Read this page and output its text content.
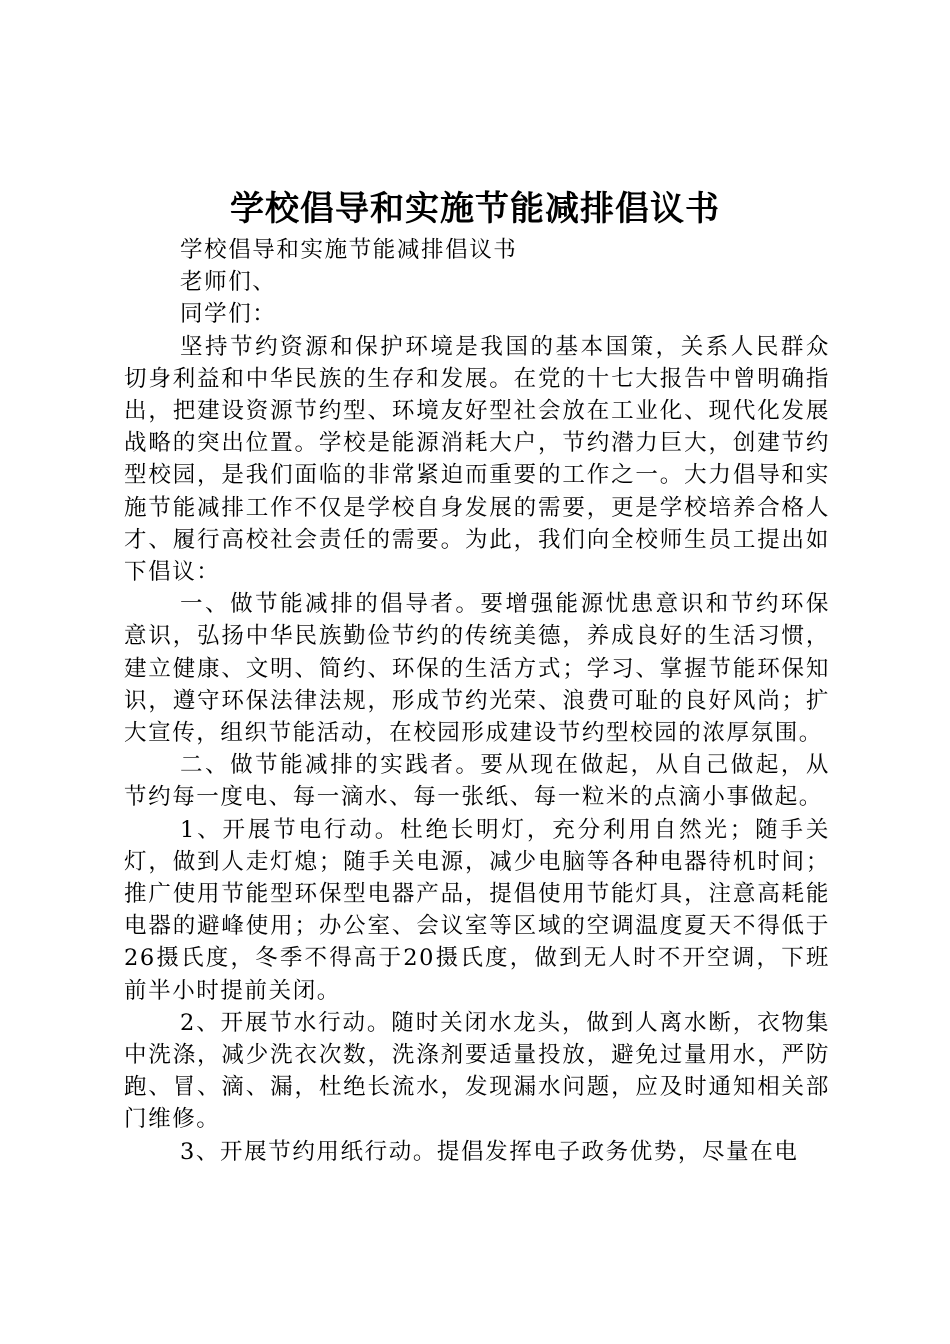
学校倡导和实施节能减排倡议书

学校倡导和实施节能减排倡议书

老师们、

同学们：

坚持节约资源和保护环境是我国的基本国策，关系人民群众切身利益和中华民族的生存和发展。在党的十七大报告中曾明确指出，把建设资源节约型、环境友好型社会放在工业化、现代化发展战略的突出位置。学校是能源消耗大户，节约潜力巨大，创建节约型校园，是我们面临的非常紧迫而重要的工作之一。大力倡导和实施节能减排工作不仅是学校自身发展的需要，更是学校培养合格人才、履行高校社会责任的需要。为此，我们向全校师生员工提出如下倡议：

一、做节能减排的倡导者。要增强能源忧患意识和节约环保意识，弘扬中华民族勤俭节约的传统美德，养成良好的生活习惯，建立健康、文明、简约、环保的生活方式；学习、掌握节能环保知识，遵守环保法律法规，形成节约光荣、浪费可耻的良好风尚；扩大宣传，组织节能活动，在校园形成建设节约型校园的浓厚氛围。

二、做节能减排的实践者。要从现在做起，从自己做起，从节约每一度电、每一滴水、每一张纸、每一粒米的点滴小事做起。

1、开展节电行动。杜绝长明灯，充分利用自然光；随手关灯，做到人走灯熄；随手关电源，减少电脑等各种电器待机时间；推广使用节能型环保型电器产品，提倡使用节能灯具，注意高耗能电器的避峰使用；办公室、会议室等区域的空调温度夏天不得低于26摄氏度，冬季不得高于20摄氏度，做到无人时不开空调，下班前半小时提前关闭。

2、开展节水行动。随时关闭水龙头，做到人离水断，衣物集中洗涤，减少洗衣次数，洗涤剂要适量投放，避免过量用水，严防跑、冒、滴、漏，杜绝长流水，发现漏水问题，应及时通知相关部门维修。

3、开展节约用纸行动。提倡发挥电子政务优势，尽量在电
